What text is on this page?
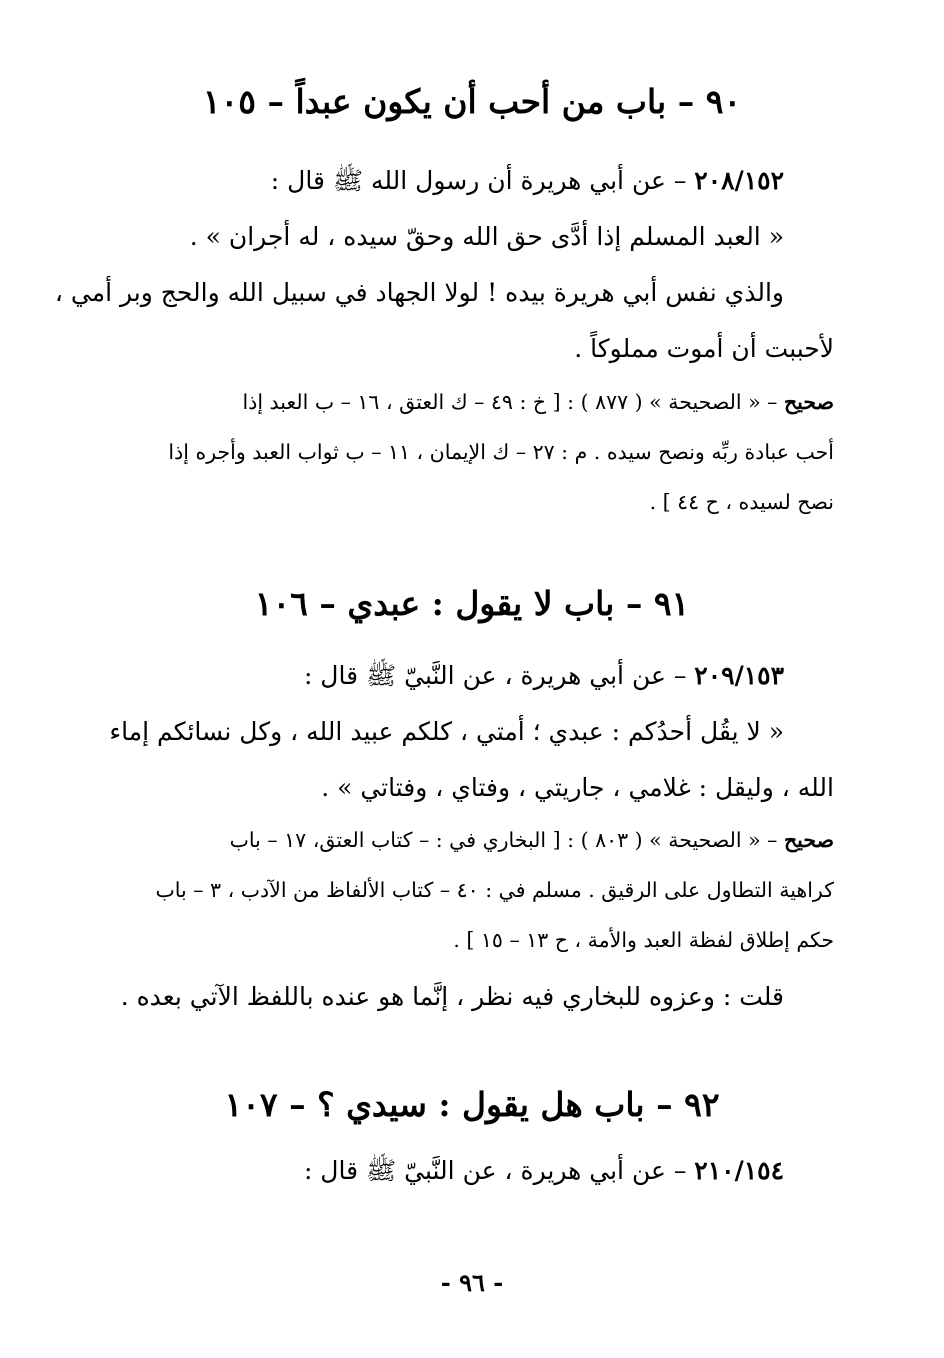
٩٠ – باب من أحب أن يكون عبداً – ١٠٥
٢٠٨/١٥٢ – عن أبي هريرة أن رسول الله ﷺ قال :
« العبد المسلم إذا أدَّى حق الله وحقّ سيده ، له أجران » .
والذي نفس أبي هريرة بيده ! لولا الجهاد في سبيل الله والحج وبر أمي ،
لأحببت أن أموت مملوكاً .
صحيح – « الصحيحة » ( ٨٧٧ ) : [ خ : ٤٩ – ك العتق ، ١٦ – ب العبد إذا
أحب عبادة ربِّه ونصح سيده . م : ٢٧ – ك الإيمان ، ١١ – ب ثواب العبد وأجره إذا
نصح لسيده ، ح ٤٤ ] .
٩١ – باب لا يقول : عبدي – ١٠٦
٢٠٩/١٥٣ – عن أبي هريرة ، عن النَّبيّ ﷺ قال :
« لا يقُل أحدُكم : عبدي ؛ أمتي ، كلكم عبيد الله ، وكل نسائكم إماء
الله ، وليقل : غلامي ، جاريتي ، وفتاي ، وفتاتي » .
صحيح – « الصحيحة » ( ٨٠٣ ) : [ البخاري في : – كتاب العتق، ١٧ – باب
كراهية التطاول على الرقيق . مسلم في : ٤٠ – كتاب الألفاظ من الآدب ، ٣ – باب
حكم إطلاق لفظة العبد والأمة ، ح ١٣ – ١٥ ] .
قلت : وعزوه للبخاري فيه نظر ، إنَّما هو عنده باللفظ الآتي بعده .
٩٢ – باب هل يقول : سيدي ؟ – ١٠٧
٢١٠/١٥٤ – عن أبي هريرة ، عن النَّبيّ ﷺ قال :
- ٩٦ -
